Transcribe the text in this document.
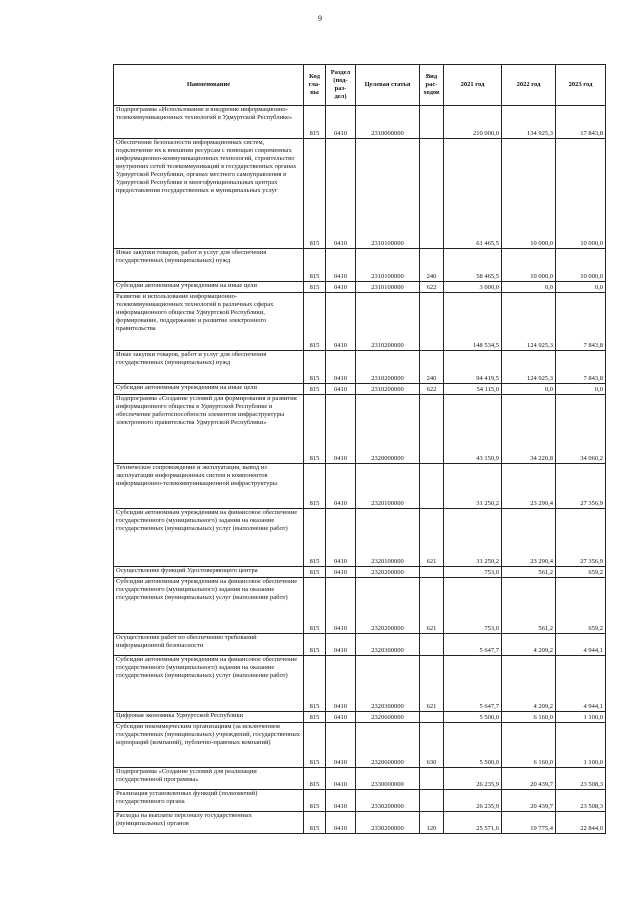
9
Наименование	Код гла- вы	Раздел (под- раз- дел)	Целевая статья	Вид рас- ходов	2021 год	2022 год	2023 год
Подпрограмма «Использование и внедрение информационно-телекоммуникационных технологий в Удмуртской Республике»	815	0410	2310000000		210 000,0	134 925,3	17 843,8
Обеспечение безопасности информационных систем, подключение их к внешним ресурсам с помощью современных информационно-коммуникационных технологий, строительство внутренних сетей телекоммуникаций в государственных органах Удмуртской Республики, органах местного самоуправления в Удмуртской Республике и многофункциональных центрах предоставления государственных и муниципальных услуг	815	0410	2310100000		61 465,5	10 000,0	10 000,0
Иные закупки товаров, работ и услуг для обеспечения государственных (муниципальных) нужд	815	0410	2310100000	240	58 465,5	10 000,0	10 000,0
Субсидии автономным учреждениям на иные цели	815	0410	2310100000	622	3 000,0	0,0	0,0
Развитие и использование информационно-телекоммуникационных технологий в различных сферах информационного общества Удмуртской Республики, формирование, поддержание и развитие электронного правительства	815	0410	2310200000		148 534,5	124 925,3	7 843,8
Иные закупки товаров, работ и услуг для обеспечения государственных (муниципальных) нужд	815	0410	2310200000	240	94 419,5	124 925,3	7 843,8
Субсидии автономным учреждениям на иные цели	815	0410	2310200000	622	54 115,0	0,0	0,0
Подпрограмма «Создание условий для формирования и развития информационного общества в Удмуртской Республике и обеспечение работоспособности элементов инфраструктуры электронного правительства Удмуртской Республики»	815	0410	2320000000		43 150,9	34 220,8	34 060,2
Техническое сопровождение и эксплуатация, вывод из эксплуатации информационных систем и компонентов информационно-телекоммуникационной инфраструктуры	815	0410	2320100000		31 250,2	23 290,4	27 356,9
Субсидии автономным учреждениям на финансовое обеспечение государственного (муниципального) задания на оказание государственных (муниципальных) услуг (выполнение работ)	815	0410	2320100000	621	31 250,2	23 290,4	27 356,9
Осуществление функций Удостоверяющего центра	815	0410	2320200000		753,0	561,2	659,2
Субсидии автономным учреждениям на финансовое обеспечение государственного (муниципального) задания на оказание государственных (муниципальных) услуг (выполнение работ)	815	0410	2320200000	621	753,0	561,2	659,2
Осуществление работ по обеспечению требований информационной безопасности	815	0410	2320300000		5 647,7	4 209,2	4 944,1
Субсидии автономным учреждениям на финансовое обеспечение государственного (муниципального) задания на оказание государственных (муниципальных) услуг (выполнение работ)	815	0410	2320300000	621	5 647,7	4 209,2	4 944,1
Цифровая экономика Удмуртской Республики	815	0410	2320600000		5 500,0	6 160,0	1 100,0
Субсидии некоммерческим организациям (за исключением государственных (муниципальных) учреждений, государственных корпораций (компаний), публично-правовых компаний)	815	0410	2320600000	630	5 500,0	6 160,0	1 100,0
Подпрограмма «Создание условий для реализации государственной программы»	815	0410	2330000000		26 235,9	20 439,7	23 508,3
Реализация установленных функций (полномочий) государственного органа	815	0410	2330200000		26 235,9	20 439,7	23 508,3
Расходы на выплаты персоналу государственных (муниципальных) органов	815	0410	2330200000	120	25 571,6	19 775,4	22 844,0
